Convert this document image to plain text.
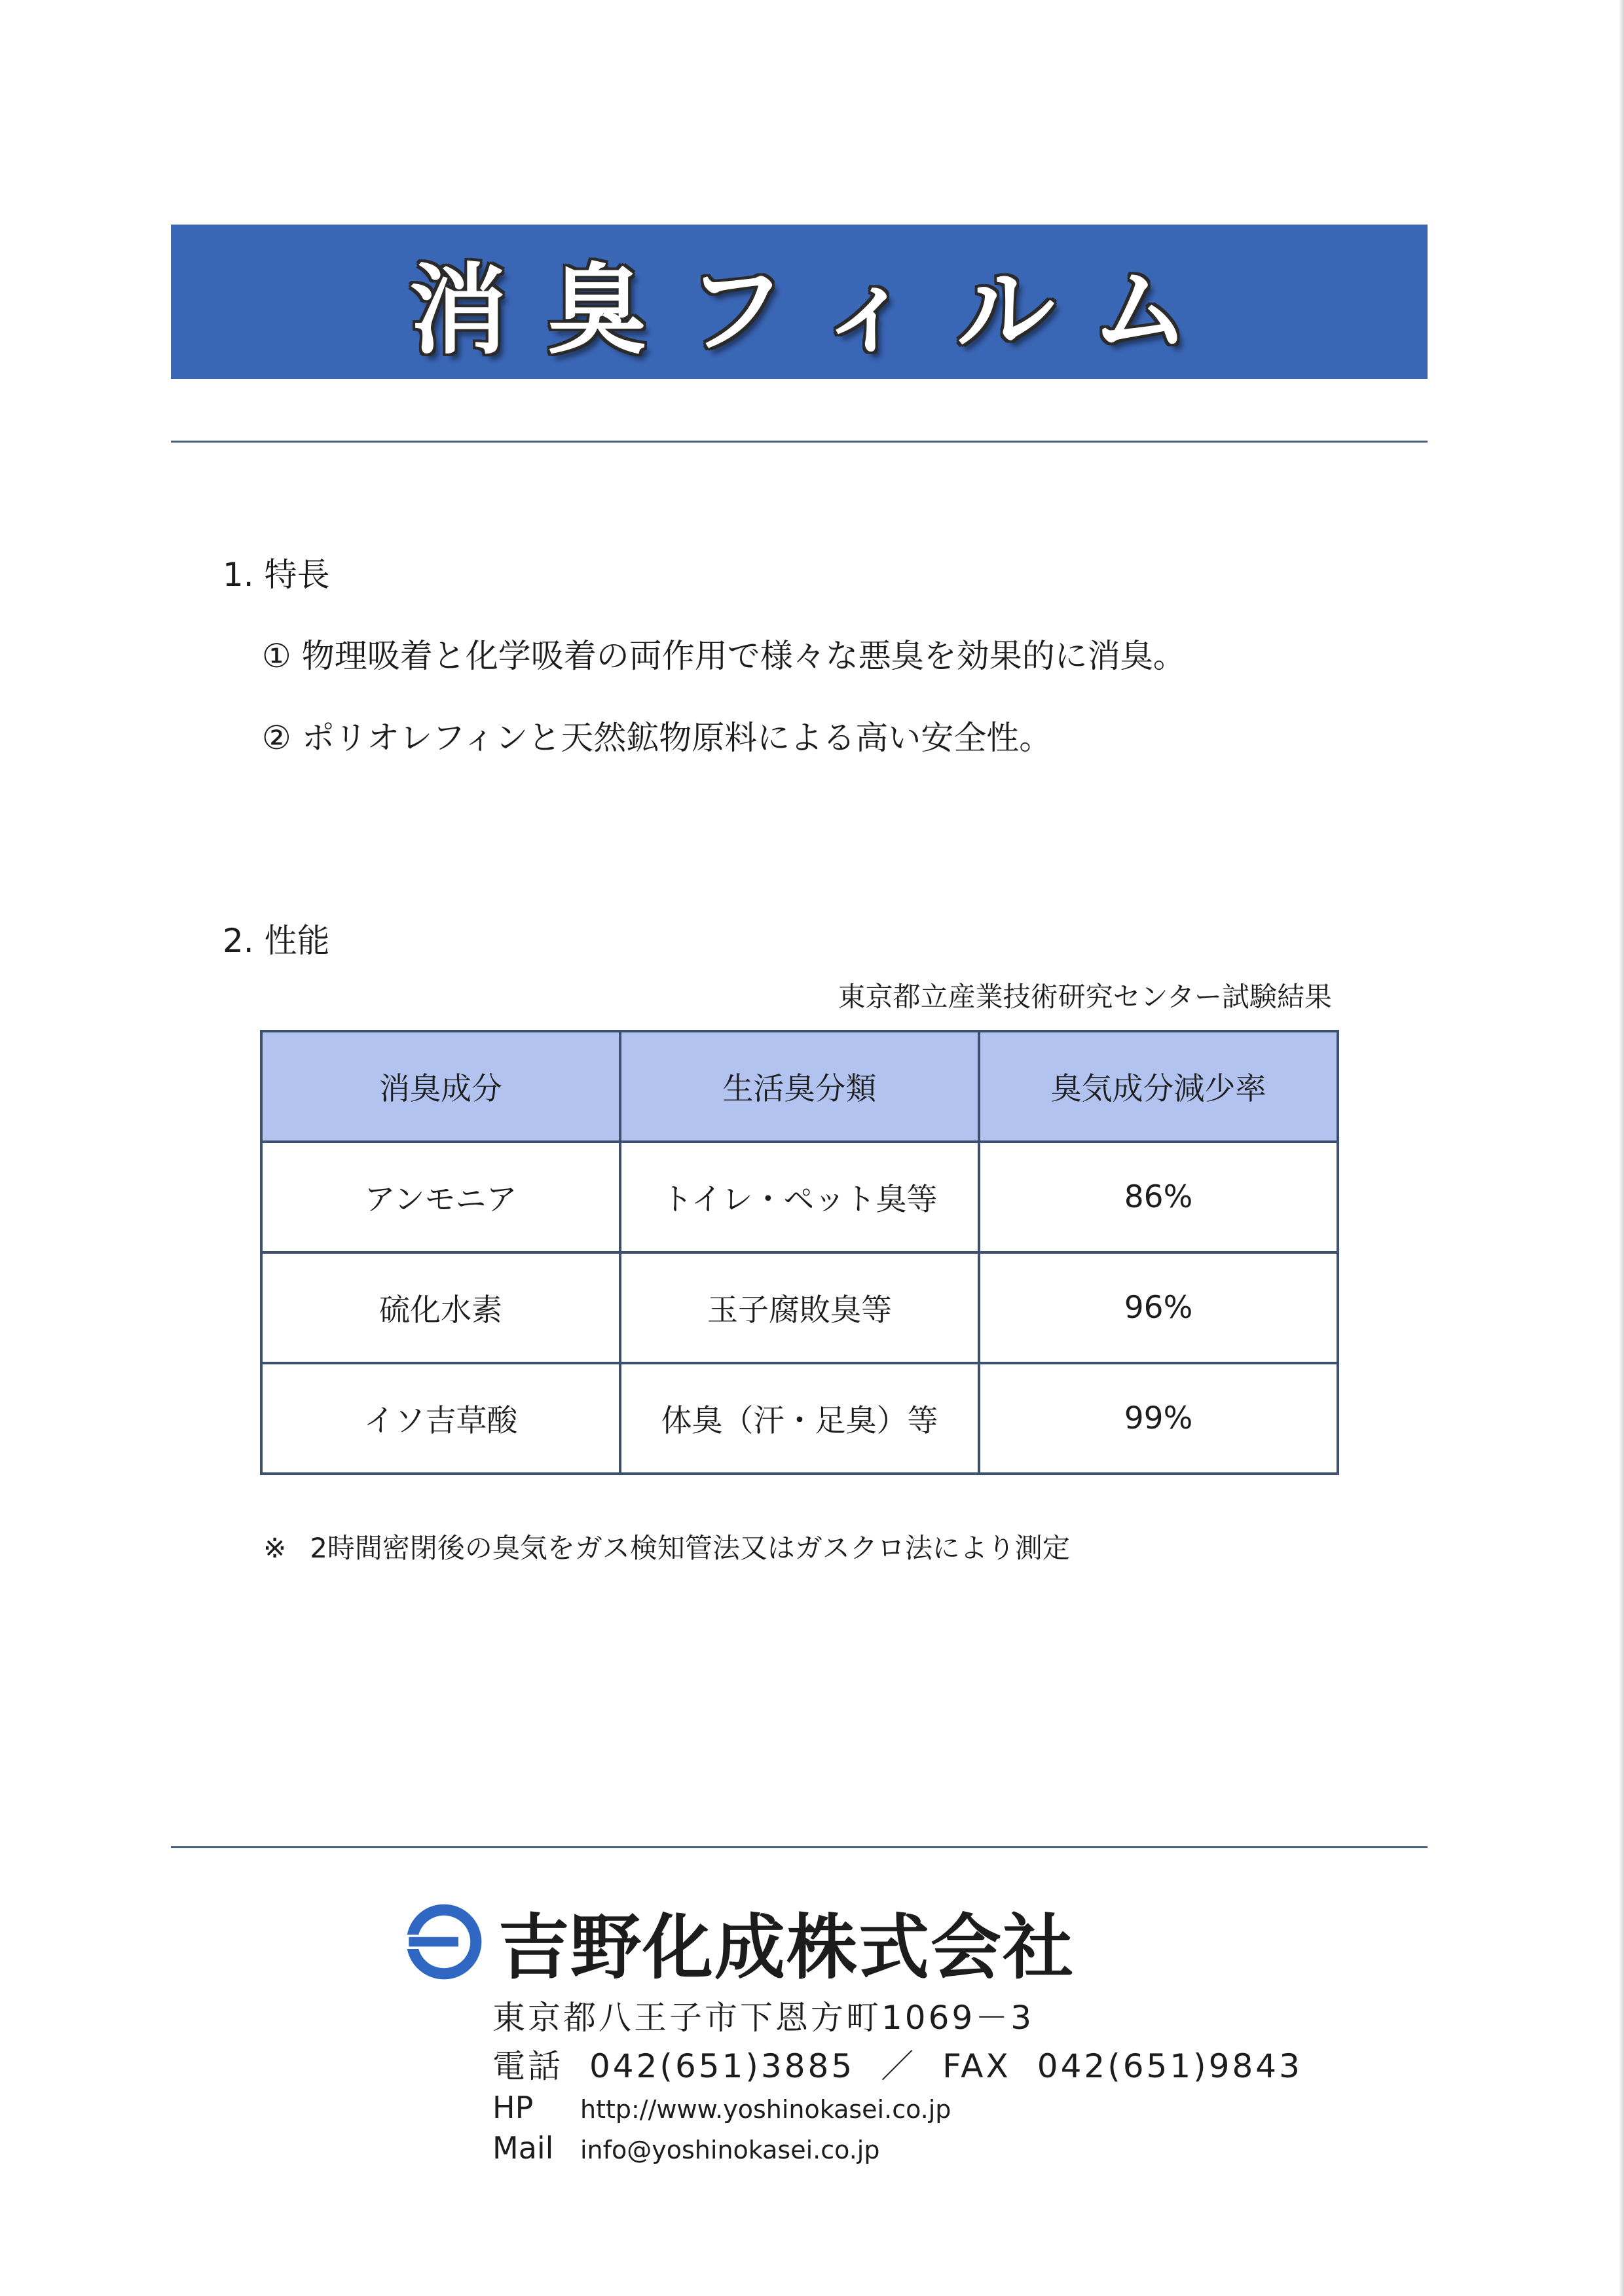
消臭フィルム
1. 特長
① 物理吸着と化学吸着の両作用で様々な悪臭を効果的に消臭。
② ポリオレフィンと天然鉱物原料による高い安全性。
2. 性能
東京都立産業技術研究センター試験結果
消臭成分	生活臭分類	臭気成分減少率
アンモニア	トイレ・ペット臭等	86%
硫化水素	玉子腐敗臭等	96%
イソ吉草酸	体臭（汗・足臭）等	99%
※ 2時間密閉後の臭気をガス検知管法又はガスクロ法により測定
吉野化成株式会社
東京都八王子市下恩方町1069－3
電話 042(651)3885 ／ FAX 042(651)9843
HP	http://www.yoshinokasei.co.jp
Mail	info@yoshinokasei.co.jp
